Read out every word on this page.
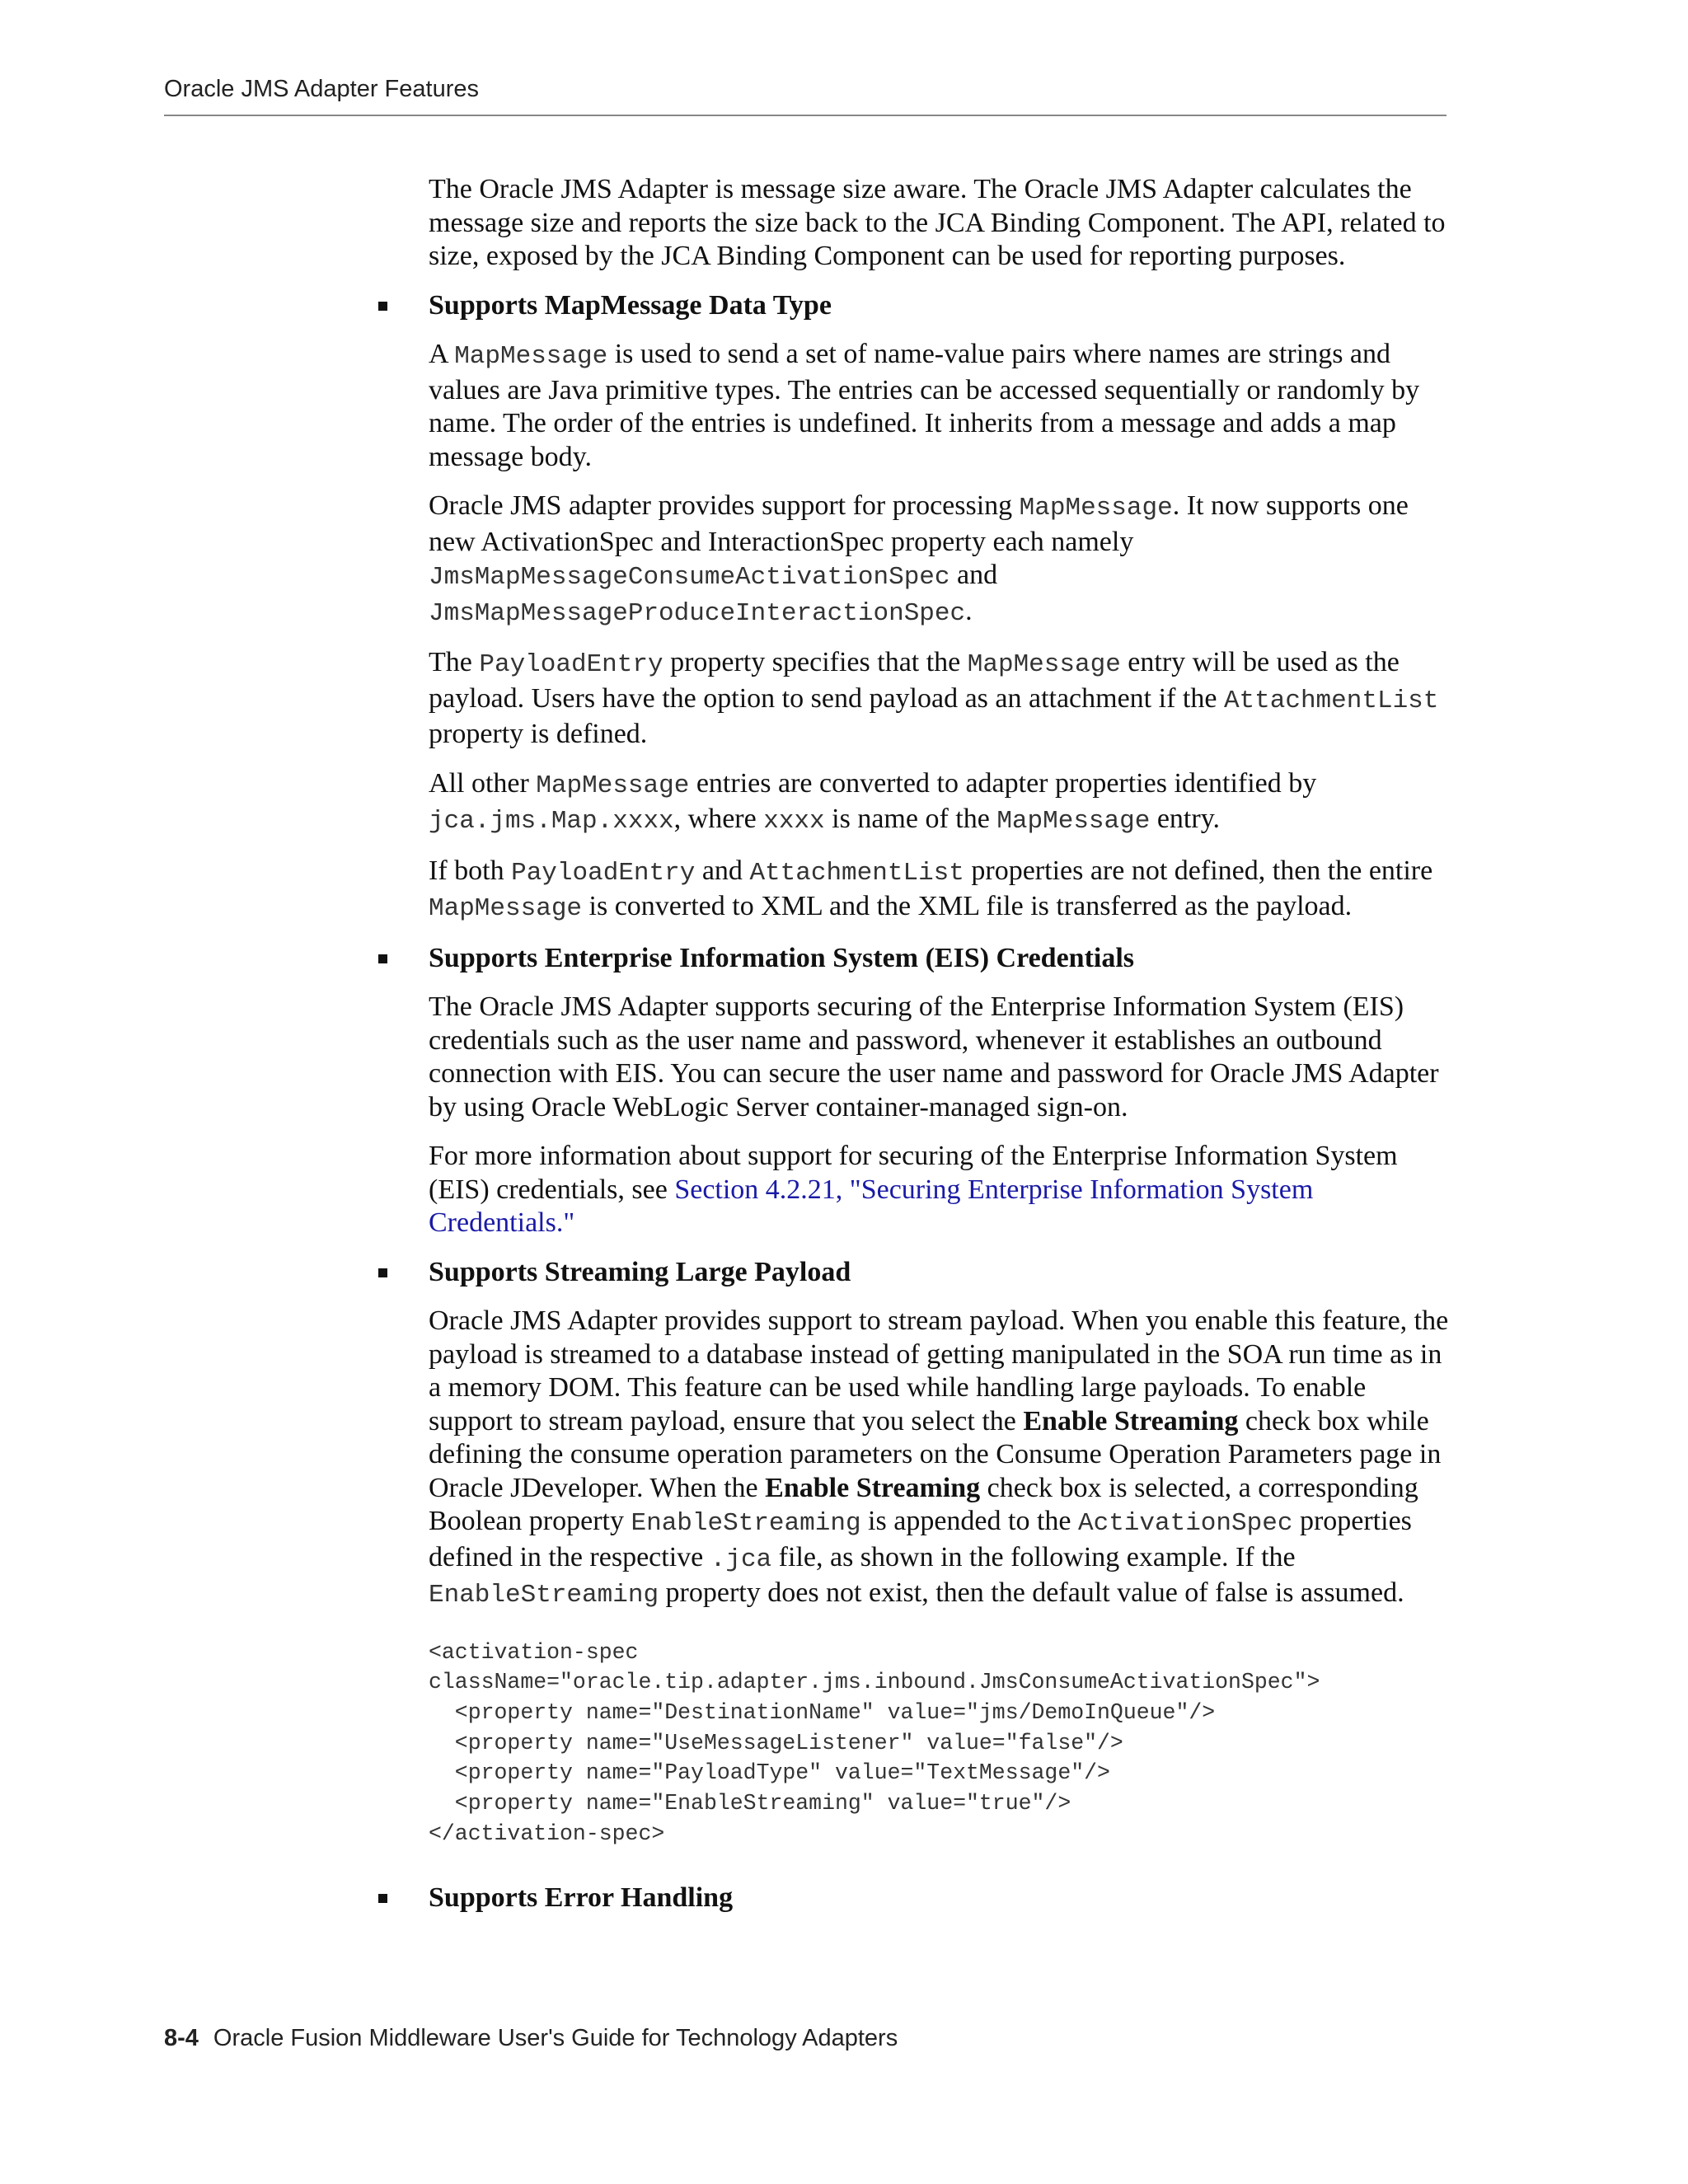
Oracle JMS Adapter Features

The Oracle JMS Adapter is message size aware. The Oracle JMS Adapter calculates the message size and reports the size back to the JCA Binding Component. The API, related to size, exposed by the JCA Binding Component can be used for reporting purposes.

Supports MapMessage Data Type

A MapMessage is used to send a set of name-value pairs where names are strings and values are Java primitive types. The entries can be accessed sequentially or randomly by name. The order of the entries is undefined. It inherits from a message and adds a map message body.

Oracle JMS adapter provides support for processing MapMessage. It now supports one new ActivationSpec and InteractionSpec property each namely
JmsMapMessageConsumeActivationSpec and
JmsMapMessageProduceInteractionSpec.

The PayloadEntry property specifies that the MapMessage entry will be used as the payload. Users have the option to send payload as an attachment if the AttachmentList property is defined.

All other MapMessage entries are converted to adapter properties identified by
jca.jms.Map.xxxx, where xxxx is name of the MapMessage entry.

If both PayloadEntry and AttachmentList properties are not defined, then the entire MapMessage is converted to XML and the XML file is transferred as the payload.

Supports Enterprise Information System (EIS) Credentials

The Oracle JMS Adapter supports securing of the Enterprise Information System (EIS) credentials such as the user name and password, whenever it establishes an outbound connection with EIS. You can secure the user name and password for Oracle JMS Adapter by using Oracle WebLogic Server container-managed sign-on.

For more information about support for securing of the Enterprise Information System (EIS) credentials, see Section 4.2.21, "Securing Enterprise Information System Credentials."

Supports Streaming Large Payload

Oracle JMS Adapter provides support to stream payload. When you enable this feature, the payload is streamed to a database instead of getting manipulated in the SOA run time as in a memory DOM. This feature can be used while handling large payloads. To enable support to stream payload, ensure that you select the Enable Streaming check box while defining the consume operation parameters on the Consume Operation Parameters page in Oracle JDeveloper. When the Enable Streaming check box is selected, a corresponding Boolean property EnableStreaming is appended to the ActivationSpec properties defined in the respective .jca file, as shown in the following example. If the EnableStreaming property does not exist, then the default value of false is assumed.

<activation-spec
className="oracle.tip.adapter.jms.inbound.JmsConsumeActivationSpec">
<property name="DestinationName" value="jms/DemoInQueue"/>
<property name="UseMessageListener" value="false"/>
<property name="PayloadType" value="TextMessage"/>
<property name="EnableStreaming" value="true"/>
</activation-spec>
Supports Error Handling
8-4 Oracle Fusion Middleware User's Guide for Technology Adapters
